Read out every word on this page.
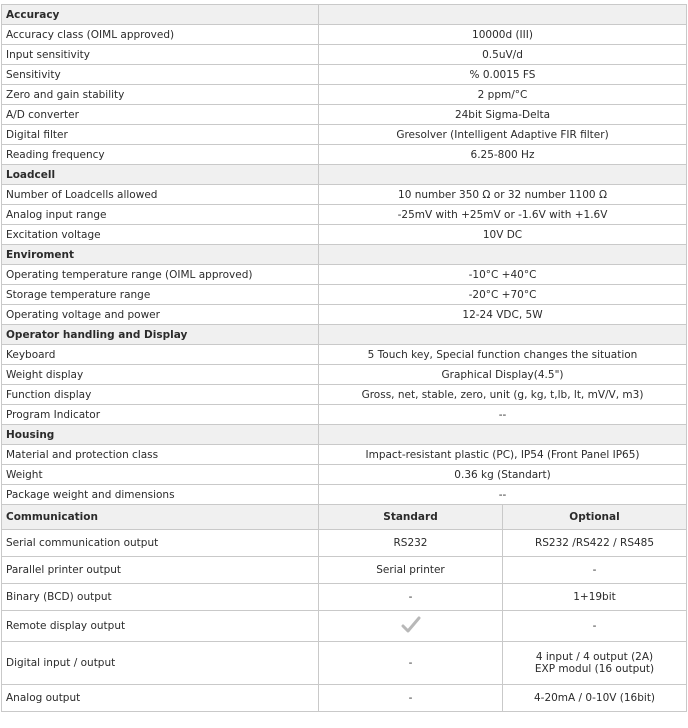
Accuracy		
Accuracy class (OIML approved)	10000d (III)	
Input sensitivity	0.5uV/d	
Sensitivity	% 0.0015 FS	
Zero and gain stability	2 ppm/°C	
A/D converter	24bit Sigma-Delta	
Digital filter	Gresolver (Intelligent Adaptive FIR filter)	
Reading frequency	6.25-800 Hz	
Loadcell		
Number of Loadcells allowed	10 number 350 Ω or 32 number 1100 Ω	
Analog input range	-25mV with +25mV or -1.6V with +1.6V	
Excitation voltage	10V DC	
Enviroment		
Operating temperature range (OIML approved)	-10°C +40°C	
Storage temperature range	-20°C +70°C	
Operating voltage and power	12-24 VDC, 5W	
Operator handling and Display		
Keyboard	5 Touch key, Special function changes the situation	
Weight display	Graphical Display(4.5")	
Function display	Gross, net, stable, zero, unit (g, kg, t,lb, lt, mV/V, m3)	
Program Indicator	--	
Housing		
Material and protection class	Impact-resistant plastic (PC), IP54 (Front Panel IP65)	
Weight	0.36 kg (Standart)	
Package weight and dimensions	--	
Communication	Standard	Optional
Serial communication output	RS232	RS232 /RS422 / RS485
Parallel printer output	Serial printer	-
Binary (BCD) output	-	1+19bit
Remote display output		-
Digital input / output	-	4 input / 4 output (2A)
EXP modul (16 output)

Analog output	-	4-20mA / 0-10V (16bit)
